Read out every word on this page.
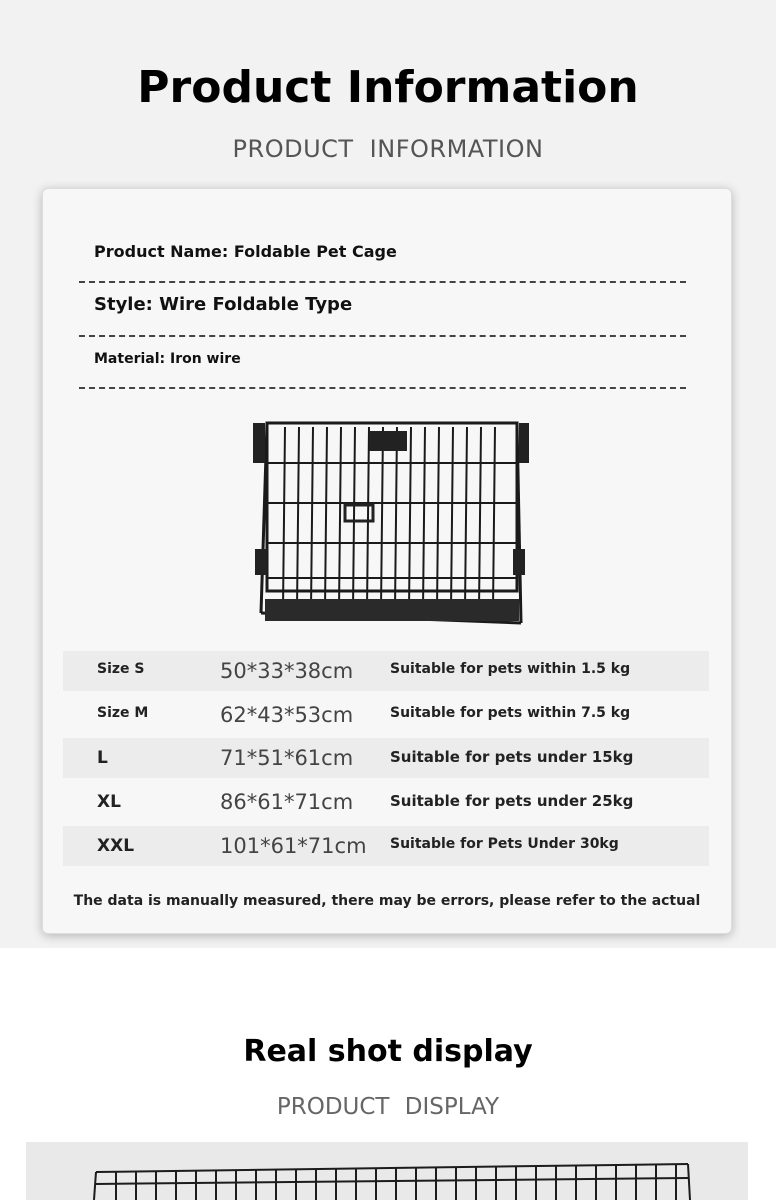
Product Information
PRODUCT INFORMATION
Product Name: Foldable Pet Cage
Style: Wire Foldable Type
Material: Iron wire
Size S	50*33*38cm	Suitable for pets within 1.5 kg
Size M	62*43*53cm	Suitable for pets within 7.5 kg
L	71*51*61cm Suitable for pets under 15kg
XL	86*61*71cm Suitable for pets under 25kg
XXL	101*61*71cm Suitable for Pets Under 30kg
The data is manually measured, there may be errors, please refer to the actual
Real shot display
PRODUCT DISPLAY
